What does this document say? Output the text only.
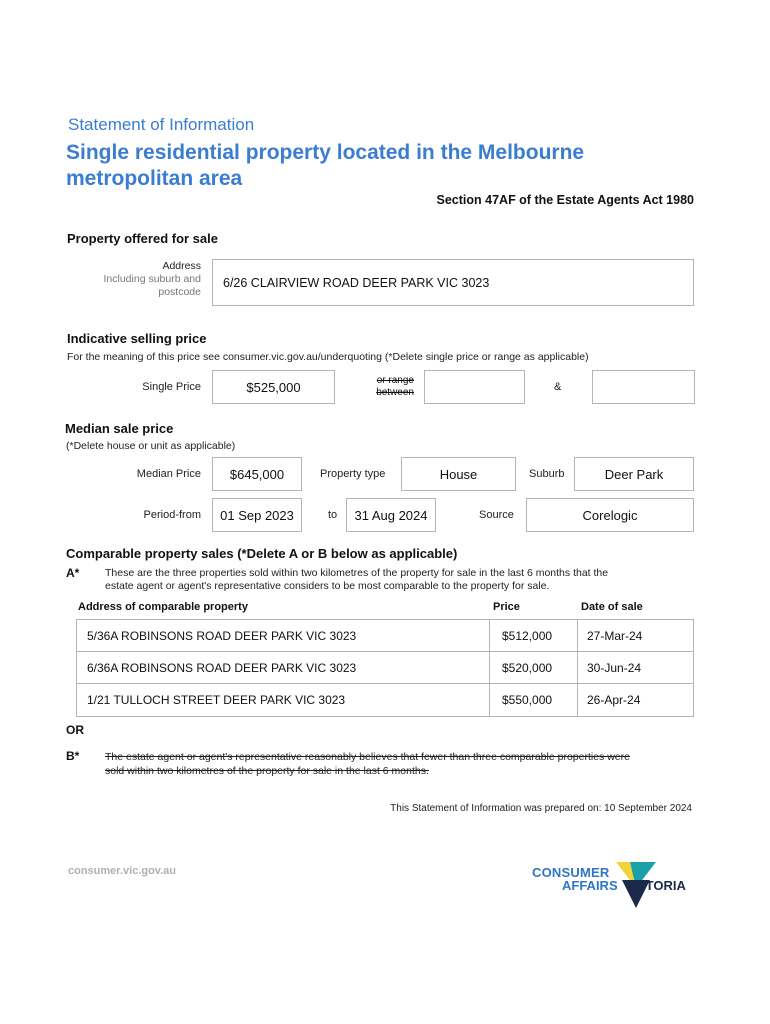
Statement of Information
Single residential property located in the Melbourne
metropolitan area
Section 47AF of the Estate Agents Act 1980
Property offered for sale
Address
Including suburb and
postcode
6/26 CLAIRVIEW ROAD DEER PARK VIC 3023
Indicative selling price
For the meaning of this price see consumer.vic.gov.au/underquoting (*Delete single price or range as applicable)
Single Price	$525,000	or range
between	&
Median sale price
(*Delete house or unit as applicable)
Median Price $645,000	Property type	House	Suburb	Deer Park
Period-from 01 Sep 2023	to 31 Aug 2024	Source	Corelogic
Comparable property sales (*Delete A or B below as applicable)
A* These are the three properties sold within two kilometres of the property for sale in the last 6 months that the
estate agent or agent's representative considers to be most comparable to the property for sale.
Address of comparable property	Price	Date of sale
5/36A ROBINSONS ROAD DEER PARK VIC 3023	$512,000	27-Mar-24
6/36A ROBINSONS ROAD DEER PARK VIC 3023	$520,000	30-Jun-24
1/21 TULLOCH STREET DEER PARK VIC 3023	$550,000	26-Apr-24
OR
B* The estate agent or agent's representative reasonably believes that fewer than three comparable properties were
sold within two kilometres of the property for sale in the last 6 months.
This Statement of Information was prepared on: 10 September 2024
consumer.vic.gov.au	CONSUMER
AFFAIRS VICTORIA
